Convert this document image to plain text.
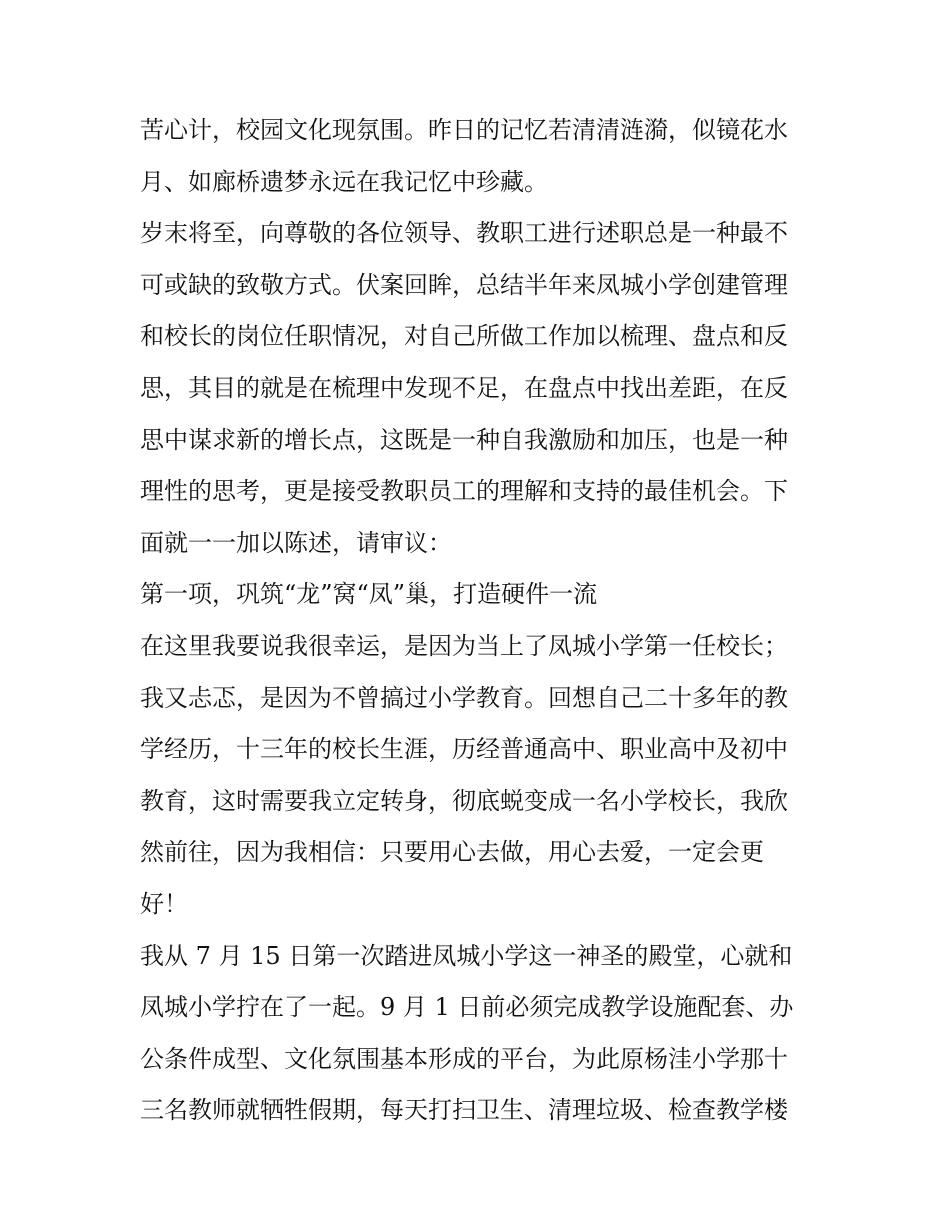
苦心计，校园文化现氛围。昨日的记忆若清清涟漪，似镜花水
月、如廊桥遗梦永远在我记忆中珍藏。
岁末将至，向尊敬的各位领导、教职工进行述职总是一种最不
可或缺的致敬方式。伏案回眸，总结半年来凤城小学创建管理
和校长的岗位任职情况，对自己所做工作加以梳理、盘点和反
思，其目的就是在梳理中发现不足，在盘点中找出差距，在反
思中谋求新的增长点，这既是一种自我激励和加压，也是一种
理性的思考，更是接受教职员工的理解和支持的最佳机会。下
面就一一加以陈述，请审议：
第一项，巩筑“龙”窝“凤”巢，打造硬件一流
在这里我要说我很幸运，是因为当上了凤城小学第一任校长；
我又忐忑，是因为不曾搞过小学教育。回想自己二十多年的教
学经历，十三年的校长生涯，历经普通高中、职业高中及初中
教育，这时需要我立定转身，彻底蜕变成一名小学校长，我欣
然前往，因为我相信：只要用心去做，用心去爱，一定会更
好！
我从 7 月 15 日第一次踏进凤城小学这一神圣的殿堂，心就和
凤城小学拧在了一起。9 月 1 日前必须完成教学设施配套、办
公条件成型、文化氛围基本形成的平台，为此原杨洼小学那十
三名教师就牺牲假期，每天打扫卫生、清理垃圾、检查教学楼
